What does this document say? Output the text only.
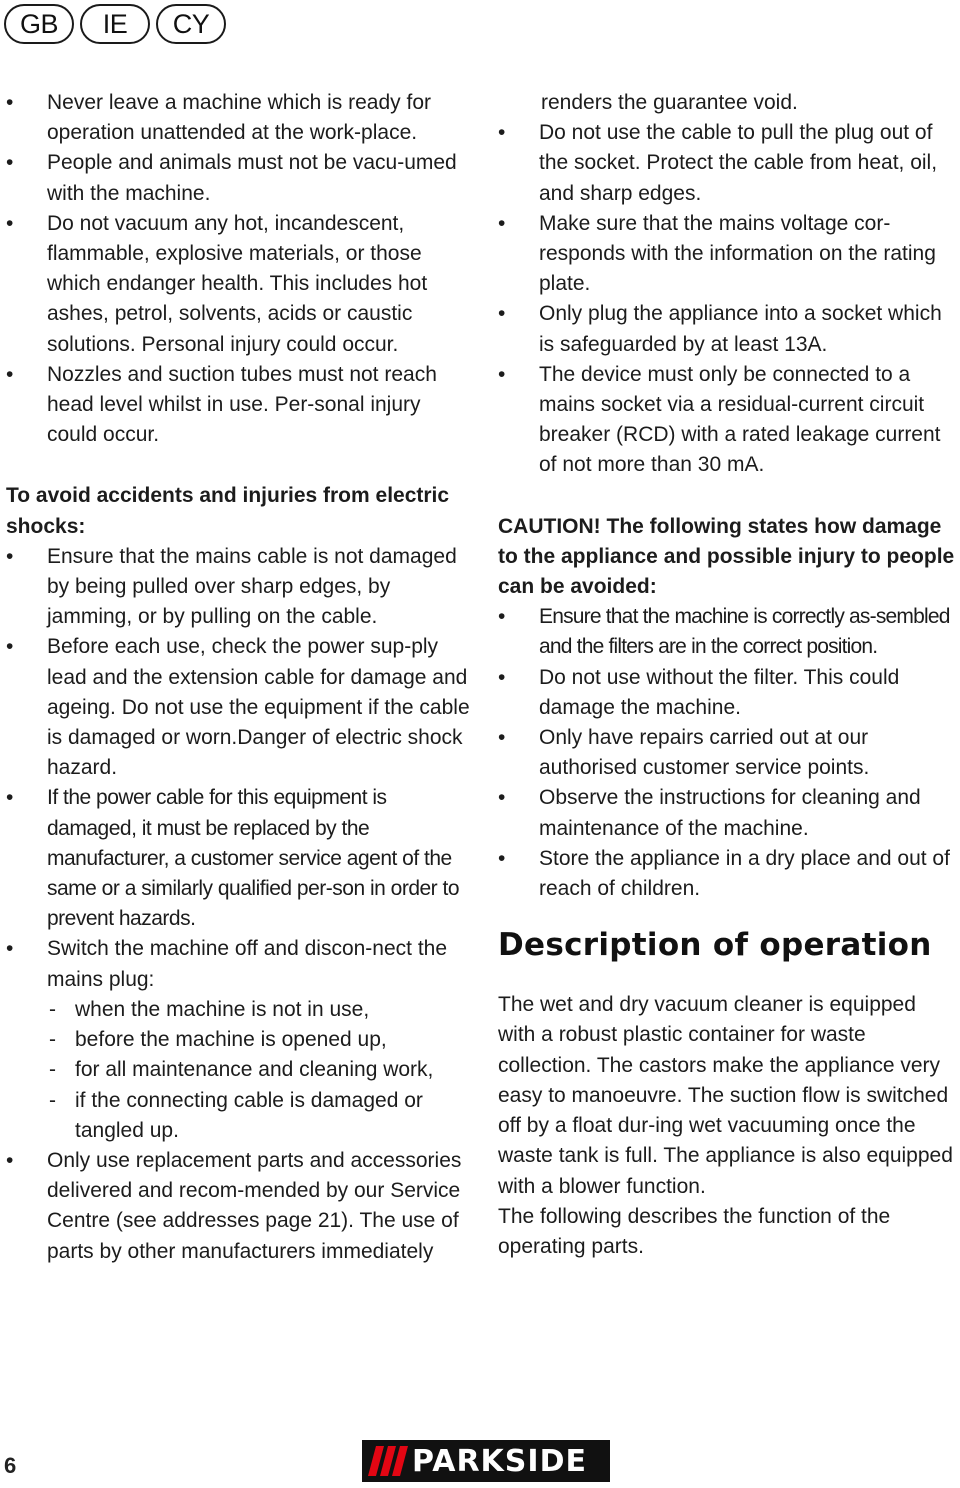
GB	IE	CY
• Never leave a machine which is ready for operation unattended at the work-place.
• People and animals must not be vacu-umed with the machine.
• Do not vacuum any hot, incandescent, flammable, explosive materials, or those which endanger health. This includes hot ashes, petrol, solvents, acids or caustic solutions. Personal injury could occur.
• Nozzles and suction tubes must not reach head level whilst in use. Per-sonal injury could occur.
To avoid accidents and injuries from electric shocks:
• Ensure that the mains cable is not damaged by being pulled over sharp edges, by jamming, or by pulling on the cable.
• Before each use, check the power sup-ply lead and the extension cable for damage and ageing. Do not use the equipment if the cable is damaged or worn.Danger of electric shock hazard.
• If the power cable for this equipment is damaged, it must be replaced by the manufacturer, a customer service agent of the same or a similarly qualified per-son in order to prevent hazards.
• Switch the machine off and discon-nect the mains plug:
- when the machine is not in use,
- before the machine is opened up,
- for all maintenance and cleaning work,
- if the connecting cable is damaged or tangled up.
• Only use replacement parts and accessories delivered and recom-mended by our Service Centre (see addresses page 21). The use of parts by other manufacturers immediately
renders the guarantee void.
• Do not use the cable to pull the plug out of the socket. Protect the cable from heat, oil, and sharp edges.
• Make sure that the mains voltage cor-responds with the information on the rating plate.
• Only plug the appliance into a socket which is safeguarded by at least 13A.
• The device must only be connected to a mains socket via a residual-current circuit breaker (RCD) with a rated leakage current of not more than 30 mA.
CAUTION! The following states how damage to the appliance and possible injury to people can be avoided:
• Ensure that the machine is correctly as-sembled and the filters are in the correct position.
• Do not use without the filter. This could damage the machine.
• Only have repairs carried out at our authorised customer service points.
• Observe the instructions for cleaning and maintenance of the machine.
• Store the appliance in a dry place and out of reach of children.
Description of operation

The wet and dry vacuum cleaner is equipped with a robust plastic container for waste collection. The castors make the appliance very easy to manoeuvre. The suction flow is switched off by a float dur-ing wet vacuuming once the waste tank is full. The appliance is also equipped with a blower function.

The following describes the function of the operating parts.

6	PARKSIDE
